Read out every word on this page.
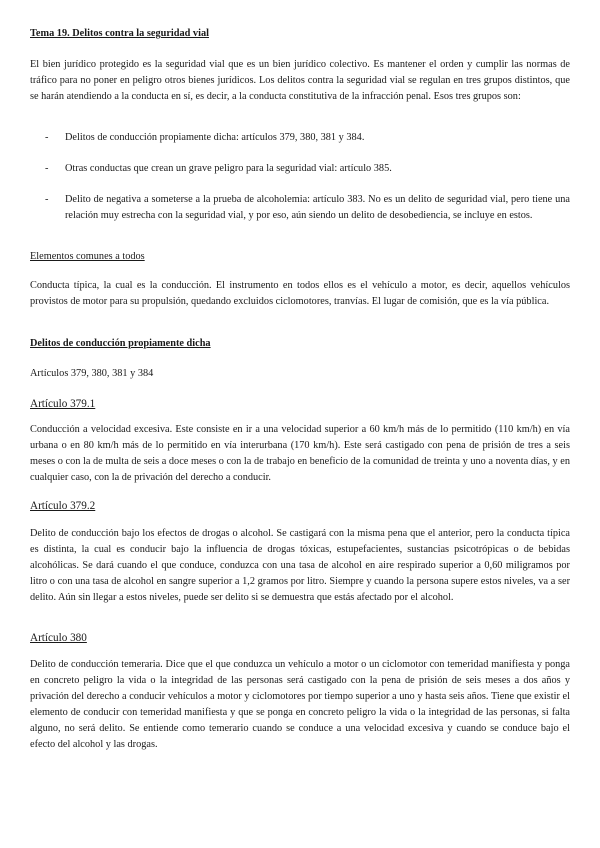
Tema 19. Delitos contra la seguridad vial

El bien jurídico protegido es la seguridad vial que es un bien jurídico colectivo. Es mantener el orden y cumplir las normas de tráfico para no poner en peligro otros bienes jurídicos. Los delitos contra la seguridad vial se regulan en tres grupos distintos, que se harán atendiendo a la conducta en sí, es decir, a la conducta constitutiva de la infracción penal. Esos tres grupos son:

-	Delitos de conducción propiamente dicha: artículos 379, 380, 381 y 384.
-	Otras conductas que crean un grave peligro para la seguridad vial: artículo 385.
-	Delito de negativa a someterse a la prueba de alcoholemia: artículo 383. No es un delito de seguridad vial, pero tiene una relación muy estrecha con la seguridad vial, y por eso, aún siendo un delito de desobediencia, se incluye en estos.

Elementos comunes a todos

Conducta típica, la cual es la conducción. El instrumento en todos ellos es el vehículo a motor, es decir, aquellos vehículos provistos de motor para su propulsión, quedando excluidos ciclomotores, tranvías. El lugar de comisión, que es la vía pública.

Delitos de conducción propiamente dicha

Artículos 379, 380, 381 y 384

Artículo 379.1

Conducción a velocidad excesiva. Este consiste en ir a una velocidad superior a 60 km/h más de lo permitido (110 km/h) en vía urbana o en 80 km/h más de lo permitido en vía interurbana (170 km/h). Este será castigado con pena de prisión de tres a seis meses o con la de multa de seis a doce meses o con la de trabajo en beneficio de la comunidad de treinta y uno a noventa días, y en cualquier caso, con la de privación del derecho a conducir.

Artículo 379.2

Delito de conducción bajo los efectos de drogas o alcohol. Se castigará con la misma pena que el anterior, pero la conducta típica es distinta, la cual es conducir bajo la influencia de drogas tóxicas, estupefacientes, sustancias psicotrópicas o de bebidas alcohólicas. Se dará cuando el que conduce, conduzca con una tasa de alcohol en aire respirado superior a 0,60 miligramos por litro o con una tasa de alcohol en sangre superior a 1,2 gramos por litro. Siempre y cuando la persona supere estos niveles, va a ser delito. Aún sin llegar a estos niveles, puede ser delito si se demuestra que estás afectado por el alcohol.

Artículo 380

Delito de conducción temeraria. Dice que el que conduzca un vehículo a motor o un ciclomotor con temeridad manifiesta y ponga en concreto peligro la vida o la integridad de las personas será castigado con la pena de prisión de seis meses a dos años y privación del derecho a conducir vehículos a motor y ciclomotores por tiempo superior a uno y hasta seis años. Tiene que existir el elemento de conducir con temeridad manifiesta y que se ponga en concreto peligro la vida o la integridad de las personas, si falta alguno, no será delito. Se entiende como temerario cuando se conduce a una velocidad excesiva y cuando se conduce bajo el efecto del alcohol y las drogas.
